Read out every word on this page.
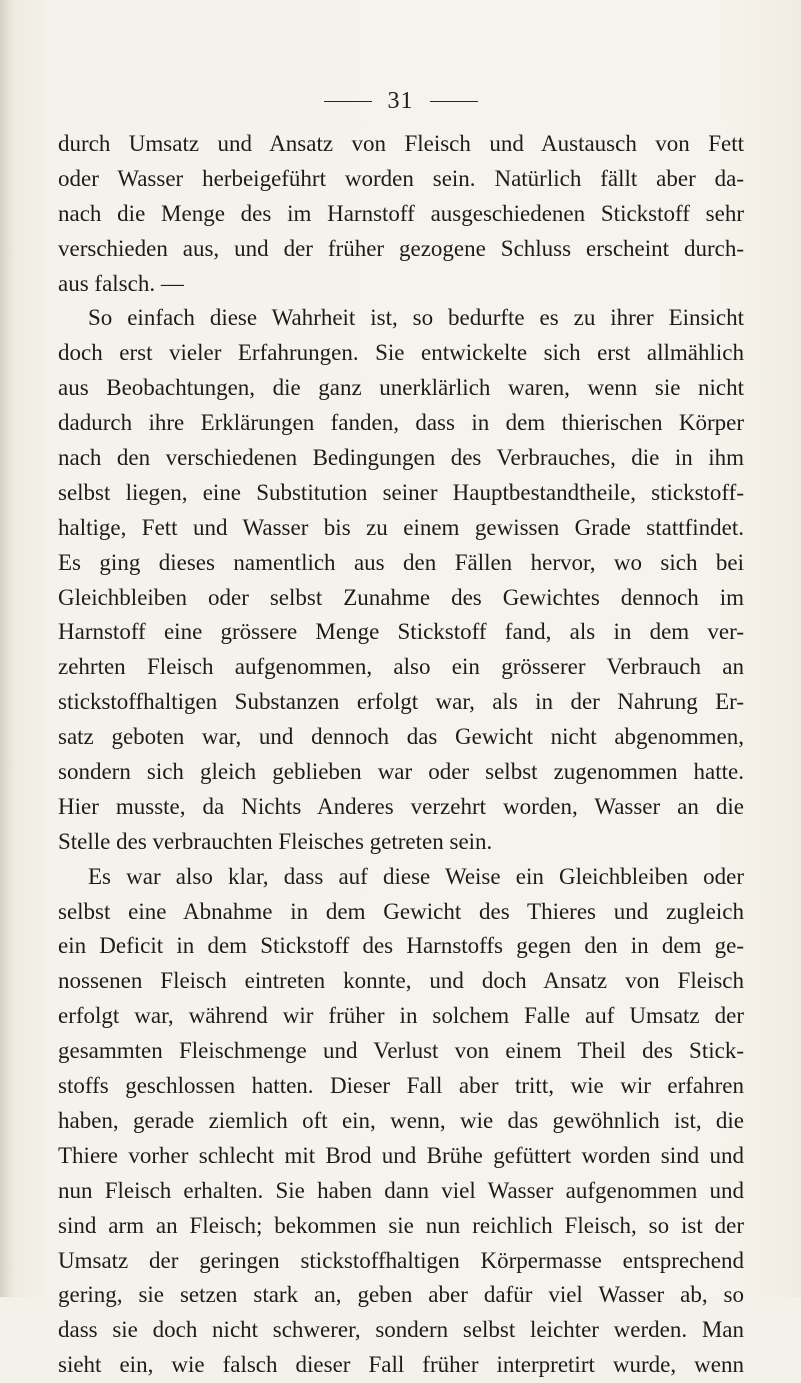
31
durch Umsatz und Ansatz von Fleisch und Austausch von Fett
oder Wasser herbeigeführt worden sein. Natürlich fällt aber da-
nach die Menge des im Harnstoff ausgeschiedenen Stickstoff sehr
verschieden aus, und der früher gezogene Schluss erscheint durch-
aus falsch. —
So einfach diese Wahrheit ist, so bedurfte es zu ihrer Einsicht
doch erst vieler Erfahrungen. Sie entwickelte sich erst allmählich
aus Beobachtungen, die ganz unerklärlich waren, wenn sie nicht
dadurch ihre Erklärungen fanden, dass in dem thierischen Körper
nach den verschiedenen Bedingungen des Verbrauches, die in ihm
selbst liegen, eine Substitution seiner Hauptbestandtheile, stickstoff-
haltige, Fett und Wasser bis zu einem gewissen Grade stattfindet.
Es ging dieses namentlich aus den Fällen hervor, wo sich bei
Gleichbleiben oder selbst Zunahme des Gewichtes dennoch im
Harnstoff eine grössere Menge Stickstoff fand, als in dem ver-
zehrten Fleisch aufgenommen, also ein grösserer Verbrauch an
stickstoffhaltigen Substanzen erfolgt war, als in der Nahrung Er-
satz geboten war, und dennoch das Gewicht nicht abgenommen,
sondern sich gleich geblieben war oder selbst zugenommen hatte.
Hier musste, da Nichts Anderes verzehrt worden, Wasser an die
Stelle des verbrauchten Fleisches getreten sein.
Es war also klar, dass auf diese Weise ein Gleichbleiben oder
selbst eine Abnahme in dem Gewicht des Thieres und zugleich
ein Deficit in dem Stickstoff des Harnstoffs gegen den in dem ge-
nossenen Fleisch eintreten konnte, und doch Ansatz von Fleisch
erfolgt war, während wir früher in solchem Falle auf Umsatz der
gesammten Fleischmenge und Verlust von einem Theil des Stick-
stoffs geschlossen hatten. Dieser Fall aber tritt, wie wir erfahren
haben, gerade ziemlich oft ein, wenn, wie das gewöhnlich ist, die
Thiere vorher schlecht mit Brod und Brühe gefüttert worden sind und
nun Fleisch erhalten. Sie haben dann viel Wasser aufgenommen und
sind arm an Fleisch; bekommen sie nun reichlich Fleisch, so ist der
Umsatz der geringen stickstoffhaltigen Körpermasse entsprechend
gering, sie setzen stark an, geben aber dafür viel Wasser ab, so
dass sie doch nicht schwerer, sondern selbst leichter werden. Man
sieht ein, wie falsch dieser Fall früher interpretirt wurde, wenn
